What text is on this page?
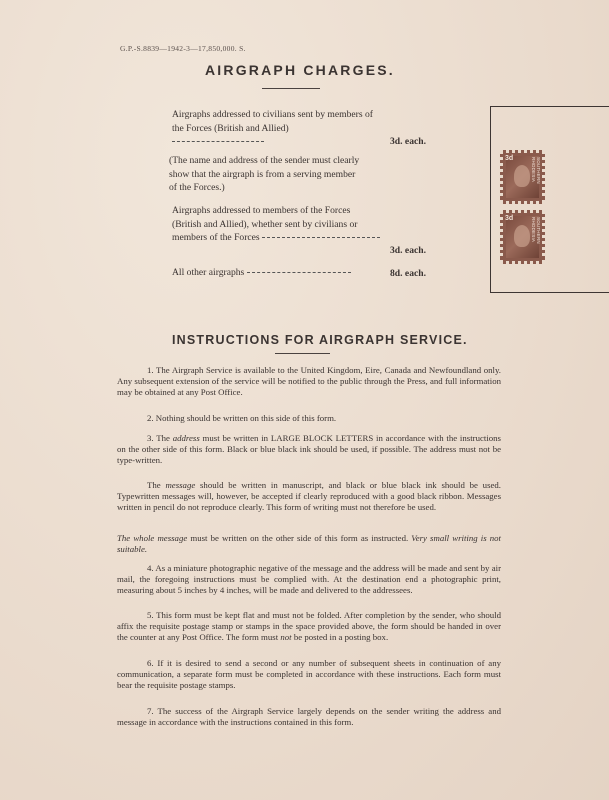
G.P.-S.8839—1942-3—17,850,000. S.
AIRGRAPH CHARGES.
Airgraphs addressed to civilians sent by members of the Forces (British and Allied)
3d. each.
(The name and address of the sender must clearly show that the airgraph is from a serving member of the Forces.)
Airgraphs addressed to members of the Forces (British and Allied), whether sent by civilians or members of the Forces
3d. each.
All other airgraphs	8d. each.
3d	SOUTHERN RHODESIA
3d	SOUTHERN RHODESIA
INSTRUCTIONS FOR AIRGRAPH SERVICE.
1. The Airgraph Service is available to the United Kingdom, Eire, Canada and Newfoundland only. Any subsequent extension of the service will be notified to the public through the Press, and full information may be obtained at any Post Office.
2. Nothing should be written on this side of this form.
3. The address must be written in LARGE BLOCK LETTERS in accordance with the instructions on the other side of this form. Black or blue black ink should be used, if possible. The address must not be type-written.
The message should be written in manuscript, and black or blue black ink should be used. Typewritten messages will, however, be accepted if clearly reproduced with a good black ribbon. Messages written in pencil do not reproduce clearly. This form of writing must not therefore be used.
The whole message must be written on the other side of this form as instructed. Very small writing is not suitable.
4. As a miniature photographic negative of the message and the address will be made and sent by air mail, the foregoing instructions must be complied with. At the destination end a photographic print, measuring about 5 inches by 4 inches, will be made and delivered to the addressees.
5. This form must be kept flat and must not be folded. After completion by the sender, who should affix the requisite postage stamp or stamps in the space provided above, the form should be handed in over the counter at any Post Office. The form must not be posted in a posting box.
6. If it is desired to send a second or any number of subsequent sheets in continuation of any communication, a separate form must be completed in accordance with these instructions. Each form must bear the requisite postage stamps.
7. The success of the Airgraph Service largely depends on the sender writing the address and message in accordance with the instructions contained in this form.
